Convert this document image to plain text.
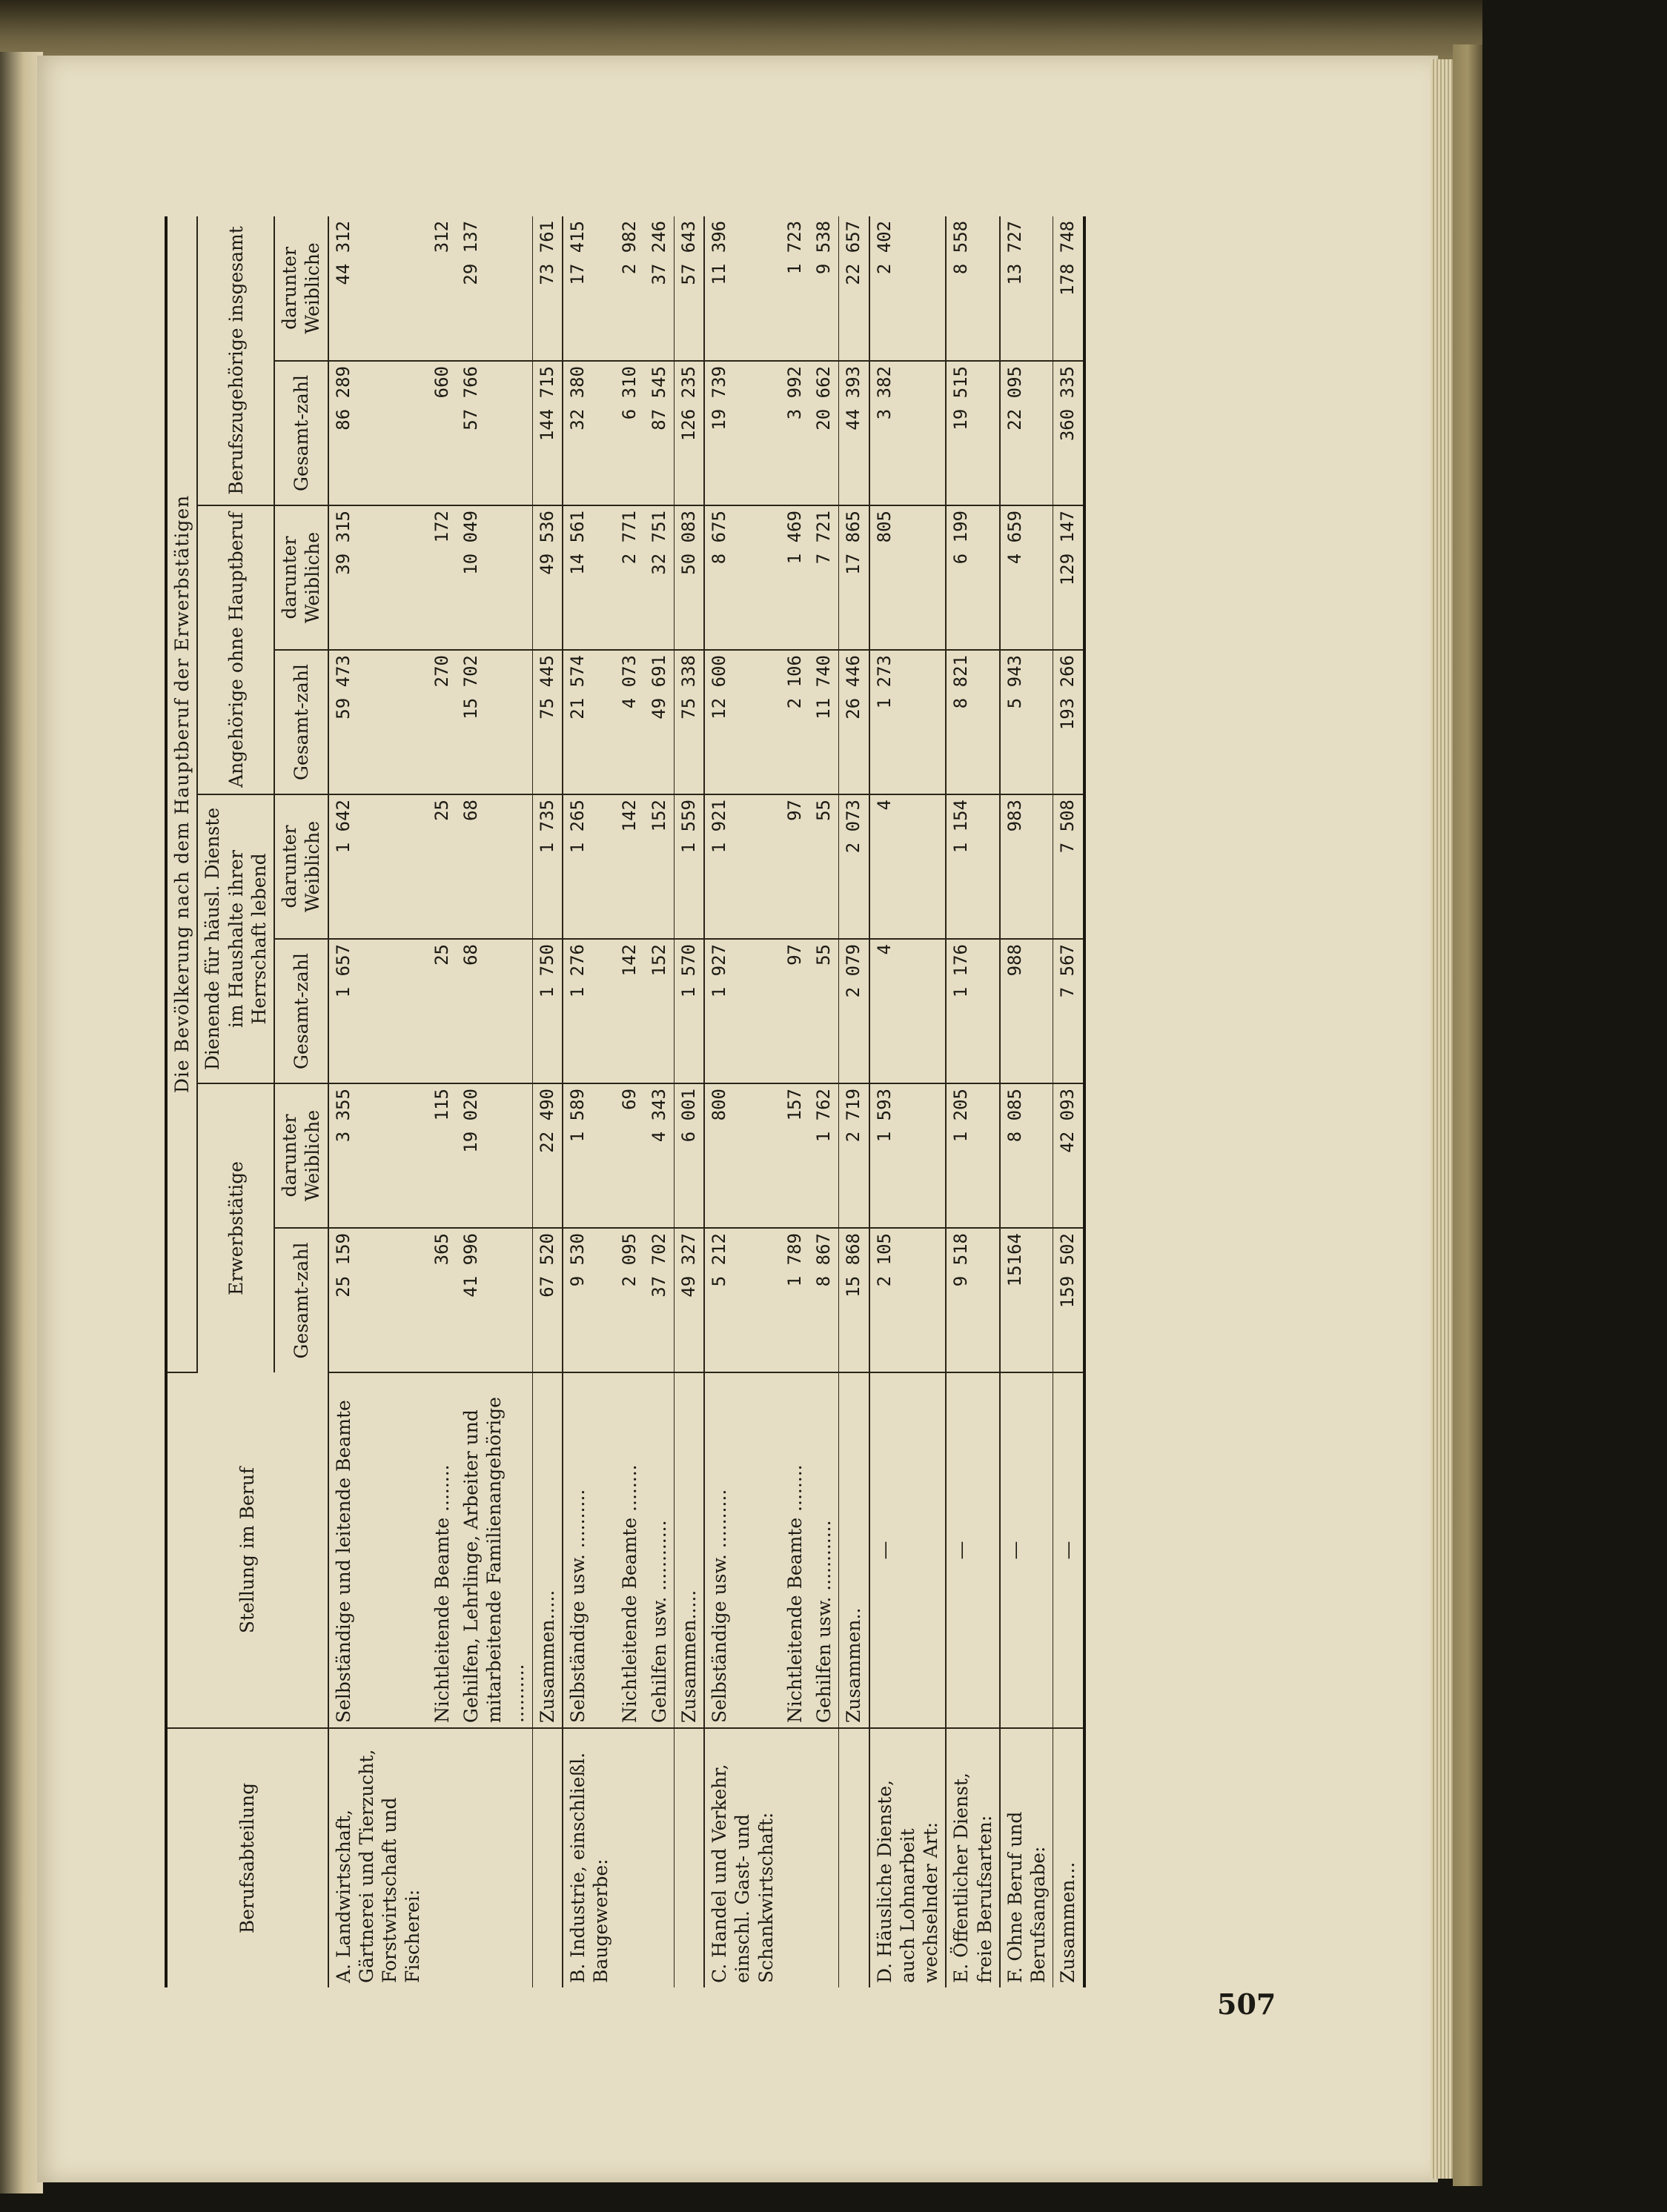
Berufsabteilung	Stellung im Beruf	Die Bevölkerung nach dem Hauptberuf der Erwerbstätigen							
		Erwerbstätige		Dienende für häusl. Dienste im Haushalte ihrer Herrschaft lebend		Angehörige ohne Hauptberuf		Berufszugehörige insgesamt	
		Gesamt-zahl	darunter Weibliche	Gesamt-zahl	darunter Weibliche	Gesamt-zahl	darunter Weibliche	Gesamt-zahl	darunter Weibliche
A. Landwirtschaft, Gärtnerei und Tierzucht, Forstwirtschaft und Fischerei:	Selbständige und leitende Beamte	25 159	3 355	1 657	1 642	59 473	39 315	86 289	44 312
	Nichtleitende Beamte ........	365	115	25	25	270	172	660	312
	Gehilfen, Lehrlinge, Arbeiter und mitarbeitende Familienangehörige ..........	41 996	19 020	68	68	15 702	10 049	57 766	29 137
	Zusammen.....	67 520	22 490	1 750	1 735	75 445	49 536	144 715	73 761
B. Industrie, einschließl. Baugewerbe:	Selbständige usw. ..........	9 530	1 589	1 276	1 265	21 574	14 561	32 380	17 415
	Nichtleitende Beamte ........	2 095	69	142	142	4 073	2 771	6 310	2 982
	Gehilfen usw. ............	37 702	4 343	152	152	49 691	32 751	87 545	37 246
	Zusammen.....	49 327	6 001	1 570	1 559	75 338	50 083	126 235	57 643
C. Handel und Verkehr, einschl. Gast- und Schankwirtschaft:	Selbständige usw. ..........	5 212	800	1 927	1 921	12 600	8 675	19 739	11 396
	Nichtleitende Beamte ........	1 789	157	97	97	2 106	1 469	3 992	1 723
	Gehilfen usw. ............	8 867	1 762	55	55	11 740	7 721	20 662	9 538
	Zusammen..	15 868	2 719	2 079	2 073	26 446	17 865	44 393	22 657
D. Häusliche Dienste, auch Lohnarbeit wechselnder Art:	—	2 105	1 593	4	4	1 273	805	3 382	2 402
E. Öffentlicher Dienst, freie Berufsarten:	—	9 518	1 205	1 176	1 154	8 821	6 199	19 515	8 558
F. Ohne Beruf und Berufsangabe:	—	15164	8 085	988	983	5 943	4 659	22 095	13 727
Zusammen...	—	159 502	42 093	7 567	7 508	193 266	129 147	360 335	178 748
507
